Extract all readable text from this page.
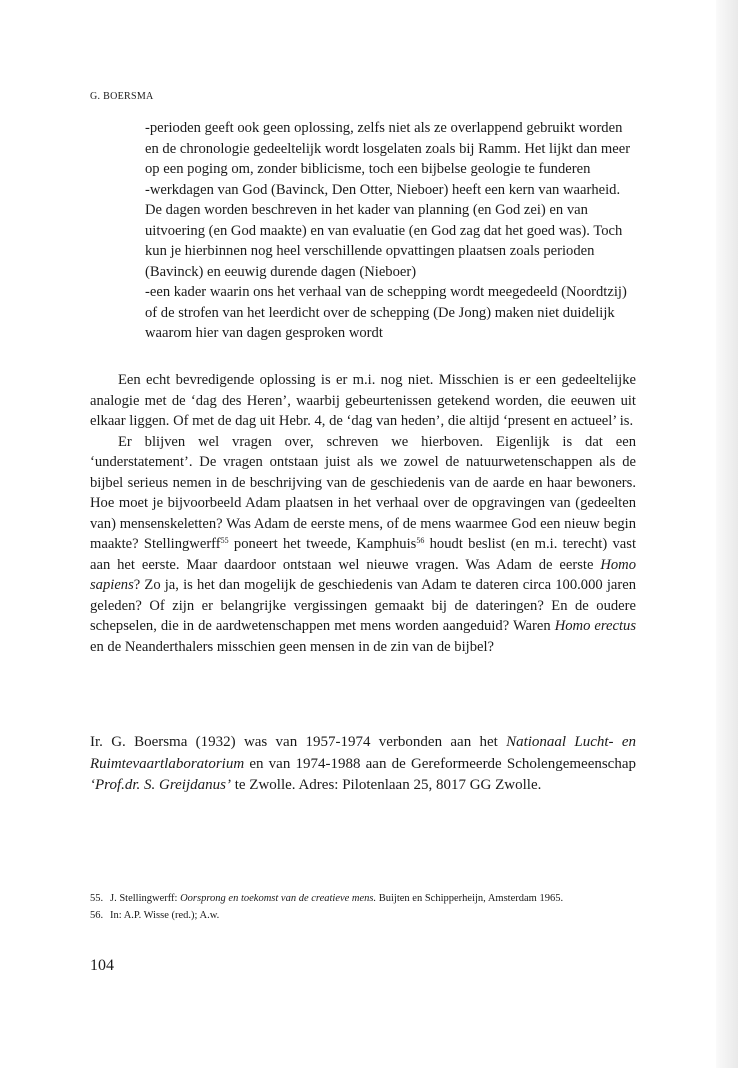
G. BOERSMA

-perioden geeft ook geen oplossing, zelfs niet als ze overlappend gebruikt worden en de chronologie gedeeltelijk wordt losgelaten zoals bij Ramm. Het lijkt dan meer op een poging om, zonder biblicisme, toch een bijbelse geologie te funderen

-werkdagen van God (Bavinck, Den Otter, Nieboer) heeft een kern van waarheid. De dagen worden beschreven in het kader van planning (en God zei) en van uitvoering (en God maakte) en van evaluatie (en God zag dat het goed was). Toch kun je hierbinnen nog heel verschillende opvattingen plaatsen zoals perioden (Bavinck) en eeuwig durende dagen (Nieboer)

-een kader waarin ons het verhaal van de schepping wordt meegedeeld (Noordtzij) of de strofen van het leerdicht over de schepping (De Jong) maken niet duidelijk waarom hier van dagen gesproken wordt

Een echt bevredigende oplossing is er m.i. nog niet. Misschien is er een gedeeltelijke analogie met de ‘dag des Heren’, waarbij gebeurtenissen getekend worden, die eeuwen uit elkaar liggen. Of met de dag uit Hebr. 4, de ‘dag van heden’, die altijd ‘present en actueel’ is.

Er blijven wel vragen over, schreven we hierboven. Eigenlijk is dat een ‘understatement’. De vragen ontstaan juist als we zowel de natuurwetenschappen als de bijbel serieus nemen in de beschrijving van de geschiedenis van de aarde en haar bewoners. Hoe moet je bijvoorbeeld Adam plaatsen in het verhaal over de opgravingen van (gedeelten van) mensenskeletten? Was Adam de eerste mens, of de mens waarmee God een nieuw begin maakte? Stellingwerff$^{55}$ poneert het tweede, Kamphuis$^{56}$ houdt beslist (en m.i. terecht) vast aan het eerste. Maar daardoor ontstaan wel nieuwe vragen. Was Adam de eerste Homo sapiens? Zo ja, is het dan mogelijk de geschiedenis van Adam te dateren circa 100.000 jaren geleden? Of zijn er belangrijke vergissingen gemaakt bij de dateringen? En de oudere schepselen, die in de aardwetenschappen met mens worden aangeduid? Waren Homo erectus en de Neanderthalers misschien geen mensen in de zin van de bijbel?

Ir. G. Boersma (1932) was van 1957-1974 verbonden aan het Nationaal Lucht- en Ruimtevaartlaboratorium en van 1974-1988 aan de Gereformeerde Scholengemeenschap ‘Prof.dr. S. Greijdanus’ te Zwolle. Adres: Pilotenlaan 25, 8017 GG Zwolle.

55. J. Stellingwerff: Oorsprong en toekomst van de creatieve mens. Buijten en Schipperheijn, Amsterdam 1965.

56. In: A.P. Wisse (red.); A.w.

104
